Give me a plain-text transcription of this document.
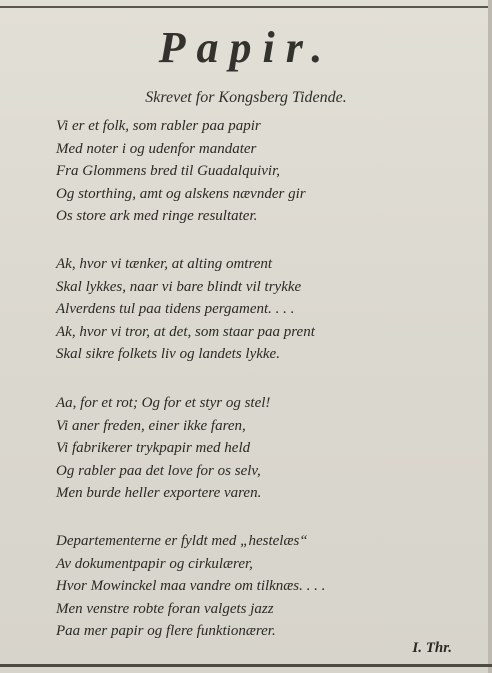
Papir.
Skrevet for Kongsberg Tidende.
Vi er et folk, som rabler paa papir
Med noter i og udenfor mandater
Fra Glommens bred til Guadalquivir,
Og storthing, amt og alskens nævnder gir
Os store ark med ringe resultater.
Ak, hvor vi tænker, at alting omtrent
Skal lykkes, naar vi bare blindt vil trykke
Alverdens tul paa tidens pergament. . . .
Ak, hvor vi tror, at det, som staar paa prent
Skal sikre folkets liv og landets lykke.
Aa, for et rot; Og for et styr og stel!
Vi aner freden, einer ikke faren,
Vi fabrikerer trykpapir med held
Og rabler paa det love for os selv,
Men burde heller exportere varen.
Departementerne er fyldt med „hestelæs“
Av dokumentpapir og cirkulærer,
Hvor Mowinckel maa vandre om tilknæs. . . .
Men venstre robte foran valgets jazz
Paa mer papir og flere funktionærer.
I. Thr.
